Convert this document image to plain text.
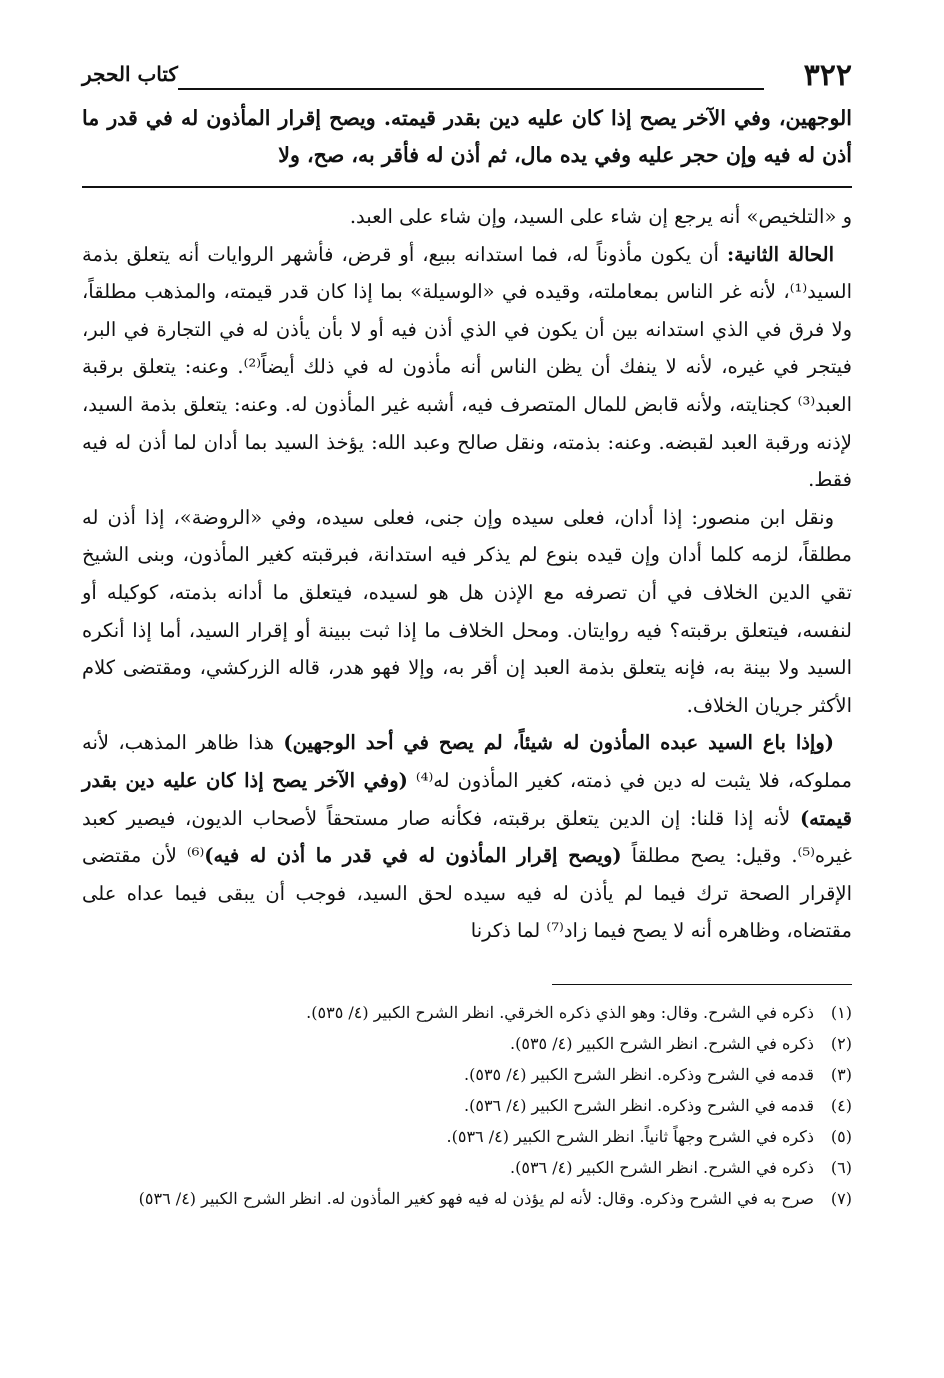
٣٢٢
كتاب الحجر

الوجهين، وفي الآخر يصح إذا كان عليه دين بقدر قيمته. ويصح إقرار المأذون له في قدر ما أذن له فيه وإن حجر عليه وفي يده مال، ثم أذن له فأقر به، صح، ولا

و «التلخيص» أنه يرجع إن شاء على السيد، وإن شاء على العبد.

الحالة الثانية: أن يكون مأذوناً له، فما استدانه ببيع، أو قرض، فأشهر الروايات أنه يتعلق بذمة السيد⁽¹⁾، لأنه غر الناس بمعاملته، وقيده في «الوسيلة» بما إذا كان قدر قيمته، والمذهب مطلقاً، ولا فرق في الذي استدانه بين أن يكون في الذي أذن فيه أو لا بأن يأذن له في التجارة في البر، فيتجر في غيره، لأنه لا ينفك أن يظن الناس أنه مأذون له في ذلك أيضاً⁽²⁾. وعنه: يتعلق برقبة العبد⁽³⁾ كجنايته، ولأنه قابض للمال المتصرف فيه، أشبه غير المأذون له. وعنه: يتعلق بذمة السيد، لإذنه ورقبة العبد لقبضه. وعنه: بذمته، ونقل صالح وعبد الله: يؤخذ السيد بما أدان لما أذن له فيه فقط.

ونقل ابن منصور: إذا أدان، فعلى سيده وإن جنى، فعلى سيده، وفي «الروضة»، إذا أذن له مطلقاً، لزمه كلما أدان وإن قيده بنوع لم يذكر فيه استدانة، فبرقبته كغير المأذون، وبنى الشيخ تقي الدين الخلاف في أن تصرفه مع الإذن هل هو لسيده، فيتعلق ما أدانه بذمته، كوكيله أو لنفسه، فيتعلق برقبته؟ فيه روايتان. ومحل الخلاف ما إذا ثبت ببينة أو إقرار السيد، أما إذا أنكره السيد ولا بينة به، فإنه يتعلق بذمة العبد إن أقر به، وإلا فهو هدر، قاله الزركشي، ومقتضى كلام الأكثر جريان الخلاف.

(وإذا باع السيد عبده المأذون له شيئاً، لم يصح في أحد الوجهين) هذا ظاهر المذهب، لأنه مملوكه، فلا يثبت له دين في ذمته، كغير المأذون له⁽⁴⁾ (وفي الآخر يصح إذا كان عليه دين بقدر قيمته) لأنه إذا قلنا: إن الدين يتعلق برقبته، فكأنه صار مستحقاً لأصحاب الديون، فيصير كعبد غيره⁽⁵⁾. وقيل: يصح مطلقاً (ويصح إقرار المأذون له في قدر ما أذن له فيه)⁽⁶⁾ لأن مقتضى الإقرار الصحة ترك فيما لم يأذن له فيه سيده لحق السيد، فوجب أن يبقى فيما عداه على مقتضاه، وظاهره أنه لا يصح فيما زاد⁽⁷⁾ لما ذكرنا

(١)
ذكره في الشرح. وقال: وهو الذي ذكره الخرقي. انظر الشرح الكبير (٤/ ٥٣٥).
(٢)
ذكره في الشرح. انظر الشرح الكبير (٤/ ٥٣٥).
(٣)
قدمه في الشرح وذكره. انظر الشرح الكبير (٤/ ٥٣٥).
(٤)
قدمه في الشرح وذكره. انظر الشرح الكبير (٤/ ٥٣٦).
(٥)
ذكره في الشرح وجهاً ثانياً. انظر الشرح الكبير (٤/ ٥٣٦).
(٦)
ذكره في الشرح. انظر الشرح الكبير (٤/ ٥٣٦).
(٧)
صرح به في الشرح وذكره. وقال: لأنه لم يؤذن له فيه فهو كغير المأذون له. انظر الشرح الكبير (٤/ ٥٣٦)
